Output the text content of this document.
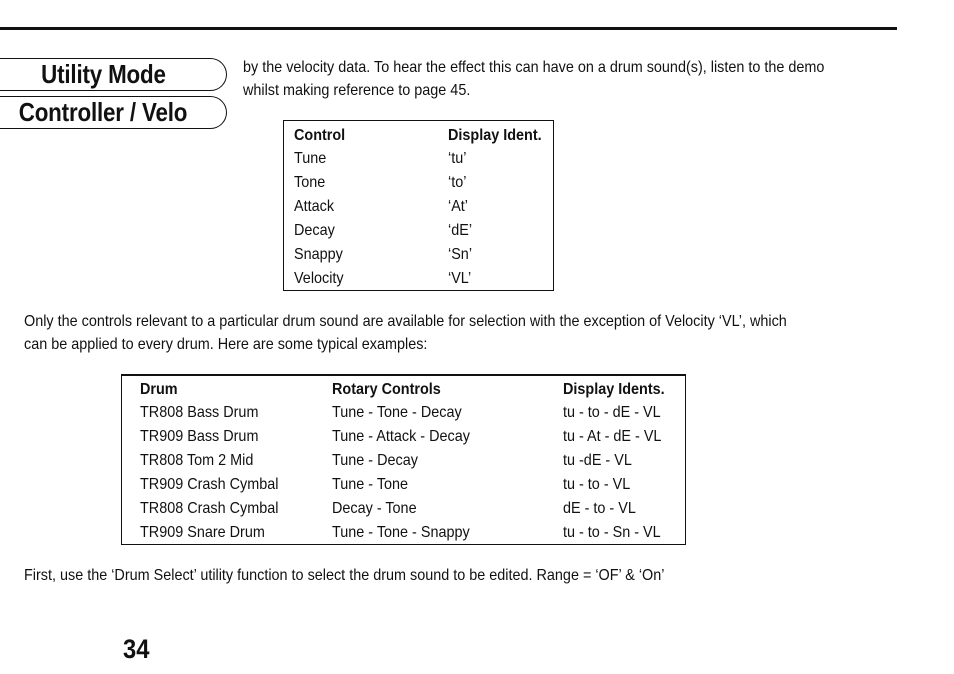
Utility Mode
Controller / Velo
by the velocity data. To hear the effect this can have on a drum sound(s), listen to the demo
whilst making reference to page 45.
Control	Display Ident.
Tune	‘tu’
Tone	‘to’
Attack	‘At’
Decay	‘dE’
Snappy	‘Sn’
Velocity	‘VL’
Only the controls relevant to a particular drum sound are available for selection with the exception of Velocity ‘VL’, which
can be applied to every drum. Here are some typical examples:
Drum	Rotary Controls	Display Idents.
TR808 Bass Drum	Tune - Tone - Decay	tu - to - dE - VL
TR909 Bass Drum	Tune - Attack - Decay	tu - At - dE - VL
TR808 Tom 2 Mid	Tune - Decay	tu -dE - VL
TR909 Crash Cymbal	Tune - Tone	tu - to - VL
TR808 Crash Cymbal	Decay - Tone	dE - to - VL
TR909 Snare Drum	Tune - Tone - Snappy	tu - to - Sn - VL
First, use the ‘Drum Select’ utility function to select the drum sound to be edited. Range = ‘OF’ & ‘On’
34
